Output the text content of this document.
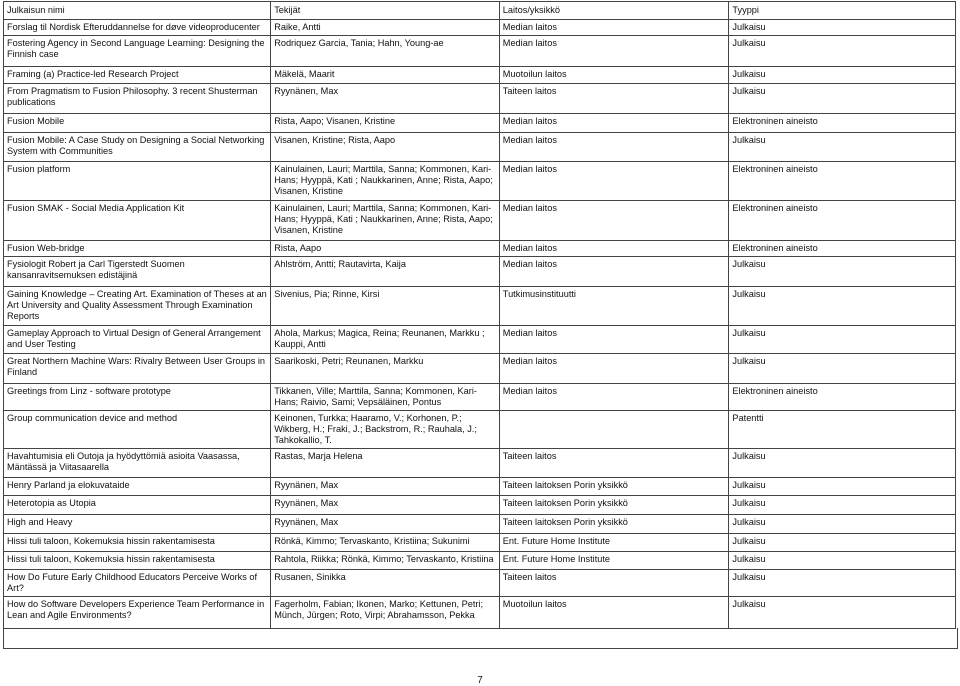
Julkaisun nimi	Tekijät	Laitos/yksikkö	Tyyppi
Forslag til Nordisk Efteruddannelse for døve videoproducenter	Raike, Antti	Median laitos	Julkaisu
Fostering Agency in Second Language Learning: Designing the Finnish case	Rodriquez Garcia, Tania; Hahn, Young-ae	Median laitos	Julkaisu
Framing (a) Practice-led Research Project	Mäkelä, Maarit	Muotoilun laitos	Julkaisu
From Pragmatism to Fusion Philosophy. 3 recent Shusterman publications	Ryynänen, Max	Taiteen laitos	Julkaisu
Fusion Mobile	Rista, Aapo; Visanen, Kristine	Median laitos	Elektroninen aineisto
Fusion Mobile: A Case Study on Designing a Social Networking System with Communities	Visanen, Kristine; Rista, Aapo	Median laitos	Julkaisu
Fusion platform	Kainulainen, Lauri; Marttila, Sanna; Kommonen, Kari-Hans; Hyyppä, Kati ; Naukkarinen, Anne; Rista, Aapo; Visanen, Kristine	Median laitos	Elektroninen aineisto
Fusion SMAK - Social Media Application Kit	Kainulainen, Lauri; Marttila, Sanna; Kommonen, Kari-Hans; Hyyppä, Kati ; Naukkarinen, Anne; Rista, Aapo; Visanen, Kristine	Median laitos	Elektroninen aineisto
Fusion Web-bridge	Rista, Aapo	Median laitos	Elektroninen aineisto
Fysiologit Robert ja Carl Tigerstedt Suomen kansanravitsemuksen edistäjinä	Ahlström, Antti; Rautavirta, Kaija	Median laitos	Julkaisu
Gaining Knowledge – Creating Art. Examination of Theses at an Art University and Quality Assessment Through Examination Reports	Sivenius, Pia; Rinne, Kirsi	Tutkimusinstituutti	Julkaisu
Gameplay Approach to Virtual Design of General Arrangement and User Testing	Ahola, Markus; Magica, Reina; Reunanen, Markku ; Kauppi, Antti	Median laitos	Julkaisu
Great Northern Machine Wars: Rivalry Between User Groups in Finland	Saarikoski, Petri; Reunanen, Markku	Median laitos	Julkaisu
Greetings from Linz - software prototype	Tikkanen, Ville; Marttila, Sanna; Kommonen, Kari-Hans; Raivio, Sami; Vepsäläinen, Pontus	Median laitos	Elektroninen aineisto
Group communication device and method	Keinonen, Turkka; Haaramo, V.; Korhonen, P.; Wikberg, H.; Fraki, J.; Backstrom, R.; Rauhala, J.; Tahkokallio, T.		Patentti
Havahtumisia eli Outoja ja hyödyttömiä asioita Vaasassa, Mäntässä ja Viitasaarella	Rastas, Marja Helena	Taiteen laitos	Julkaisu
Henry Parland ja elokuvataide	Ryynänen, Max	Taiteen laitoksen Porin yksikkö	Julkaisu
Heterotopia as Utopia	Ryynänen, Max	Taiteen laitoksen Porin yksikkö	Julkaisu
High and Heavy	Ryynänen, Max	Taiteen laitoksen Porin yksikkö	Julkaisu
Hissi tuli taloon, Kokemuksia hissin rakentamisesta	Rönkä, Kimmo; Tervaskanto, Kristiina; Sukunimi	Ent. Future Home Institute	Julkaisu
Hissi tuli taloon, Kokemuksia hissin rakentamisesta	Rahtola, Riikka; Rönkä, Kimmo; Tervaskanto, Kristiina	Ent. Future Home Institute	Julkaisu
How Do Future Early Childhood Educators Perceive Works of Art?	Rusanen, Sinikka	Taiteen laitos	Julkaisu
How do Software Developers Experience Team Performance in Lean and Agile Environments?	Fagerholm, Fabian; Ikonen, Marko; Kettunen, Petri; Münch, Jürgen; Roto, Virpi; Abrahamsson, Pekka	Muotoilun laitos	Julkaisu
7
